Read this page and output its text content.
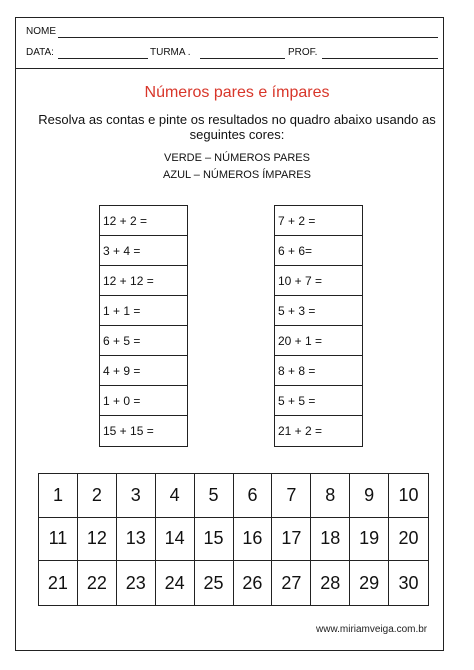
NOME
DATA:	TURMA .	PROF.
Números pares e ímpares
Resolva as contas e pinte os resultados no quadro abaixo usando as
seguintes cores:
VERDE – NÚMEROS PARES
AZUL – NÚMEROS ÍMPARES
12 + 2 =
3 + 4 =
12 + 12 =
1 + 1 =
6 + 5 =
4 + 9 =
1 + 0 =
15 + 15 =
7 + 2 =
6 + 6=
10 + 7 =
5 + 3 =
20 + 1 =
8 + 8 =
5 + 5 =
21 + 2 =
1	2	3	4	5	6	7	8	9	10
11	12	13	14	15	16	17	18	19	20
21	22	23	24	25	26	27	28	29	30
www.miriamveiga.com.br
